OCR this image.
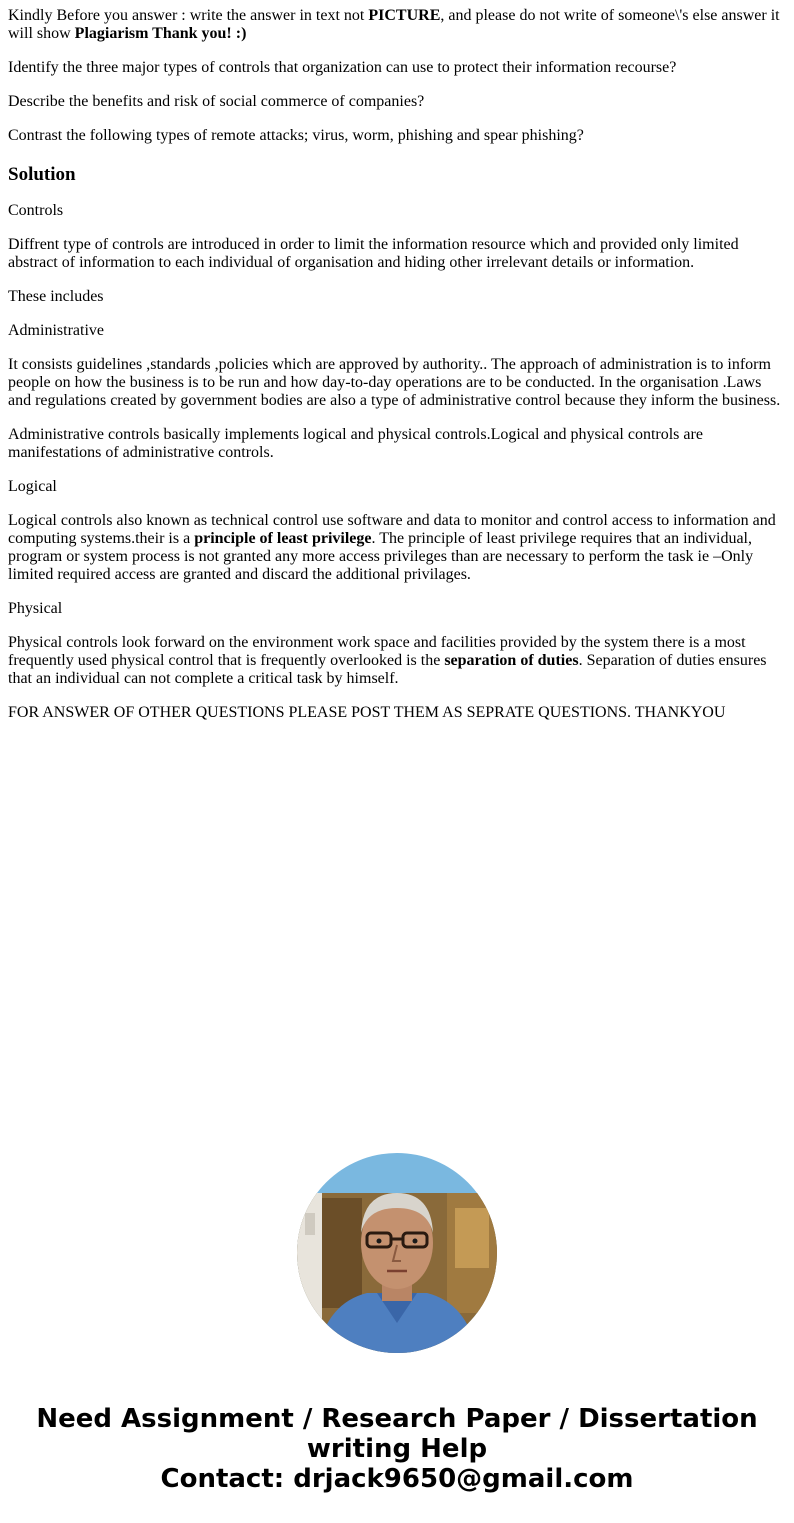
Kindly Before you answer : write the answer in text not PICTURE, and please do not write of someone\'s else answer it will show Plagiarism Thank you! :)

Identify the three major types of controls that organization can use to protect their information recourse?

Describe the benefits and risk of social commerce of companies?

Contrast the following types of remote attacks; virus, worm, phishing and spear phishing?

Solution

Controls

Diffrent type of controls are introduced in order to limit the information resource which and provided only limited abstract of information to each individual of organisation and hiding other irrelevant details or information.

These includes

Administrative

It consists guidelines ,standards ,policies which are approved by authority.. The approach of administration is to inform people on how the business is to be run and how day-to-day operations are to be conducted. In the organisation .Laws and regulations created by government bodies are also a type of administrative control because they inform the business.

Administrative controls basically implements logical and physical controls.Logical and physical controls are manifestations of administrative controls.

Logical

Logical controls also known as technical control use software and data to monitor and control access to information and computing systems.their is a principle of least privilege. The principle of least privilege requires that an individual, program or system process is not granted any more access privileges than are necessary to perform the task ie –Only limited required access are granted and discard the additional privilages.

Physical

Physical controls look forward on the environment work space and facilities provided by the system there is a most frequently used physical control that is frequently overlooked is the separation of duties. Separation of duties ensures that an individual can not complete a critical task by himself.

FOR ANSWER OF OTHER QUESTIONS PLEASE POST THEM AS SEPRATE QUESTIONS. THANKYOU

Need Assignment / Research Paper / Dissertation
writing Help
Contact: drjack9650@gmail.com
